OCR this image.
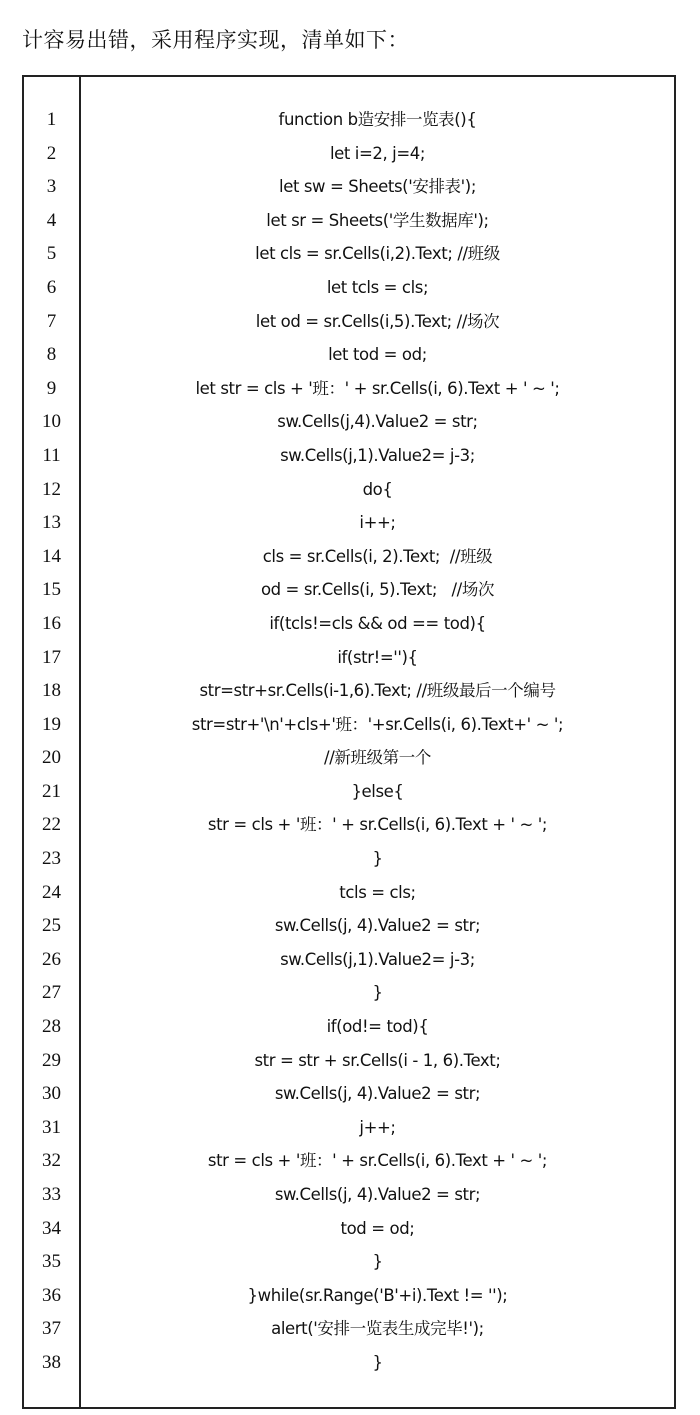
计容易出错，采用程序实现，清单如下：
1	function b造安排一览表(){
2	let i=2, j=4;
3	let sw = Sheets('安排表');
4	let sr = Sheets('学生数据库');
5	let cls = sr.Cells(i,2).Text; //班级
6	let tcls = cls;
7	let od = sr.Cells(i,5).Text; //场次
8	let tod = od;
9	let str = cls + '班：' + sr.Cells(i, 6).Text + ' ~ ';
10	sw.Cells(j,4).Value2 = str;
11	sw.Cells(j,1).Value2= j-3;
12	do{
13	i++;
14	cls = sr.Cells(i, 2).Text;  //班级
15	od = sr.Cells(i, 5).Text;   //场次
16	if(tcls!=cls && od == tod){
17	if(str!=''){
18	str=str+sr.Cells(i-1,6).Text; //班级最后一个编号
19	str=str+'\n'+cls+'班：'+sr.Cells(i, 6).Text+' ~ ';
20	//新班级第一个
21	}else{
22	str = cls + '班：' + sr.Cells(i, 6).Text + ' ~ ';
23	}
24	tcls = cls;
25	sw.Cells(j, 4).Value2 = str;
26	sw.Cells(j,1).Value2= j-3;
27	}
28	if(od!= tod){
29	str = str + sr.Cells(i - 1, 6).Text;
30	sw.Cells(j, 4).Value2 = str;
31	j++;
32	str = cls + '班：' + sr.Cells(i, 6).Text + ' ~ ';
33	sw.Cells(j, 4).Value2 = str;
34	tod = od;
35	}
36	}while(sr.Range('B'+i).Text != '');
37	alert('安排一览表生成完毕!');
38	}
